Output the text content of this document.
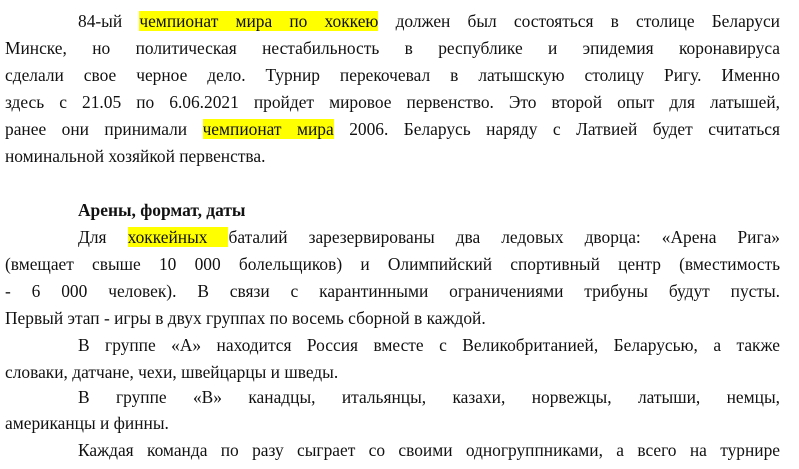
84-ый чемпионат мира по хоккею должен был состояться в столице Беларуси
Минске, но политическая нестабильность в республике и эпидемия коронавируса
сделали свое черное дело. Турнир перекочевал в латышскую столицу Ригу. Именно
здесь с 21.05 по 6.06.2021 пройдет мировое первенство. Это второй опыт для латышей,
ранее они принимали чемпионат мира 2006. Беларусь наряду с Латвией будет считаться
номинальной хозяйкой первенства.
Арены, формат, даты
Для хоккейных баталий зарезервированы два ледовых дворца: «Арена Рига»
(вмещает свыше 10 000 болельщиков) и Олимпийский спортивный центр (вместимость
- 6 000 человек). В связи с карантинными ограничениями трибуны будут пусты.
Первый этап - игры в двух группах по восемь сборной в каждой.
В группе «А» находится Россия вместе с Великобританией, Беларусью, а также
словаки, датчане, чехи, швейцарцы и шведы.
В группе «В» канадцы, итальянцы, казахи, норвежцы, латыши, немцы,
американцы и финны.
Каждая команда по разу сыграет со своими одногруппниками, а всего на турнире
